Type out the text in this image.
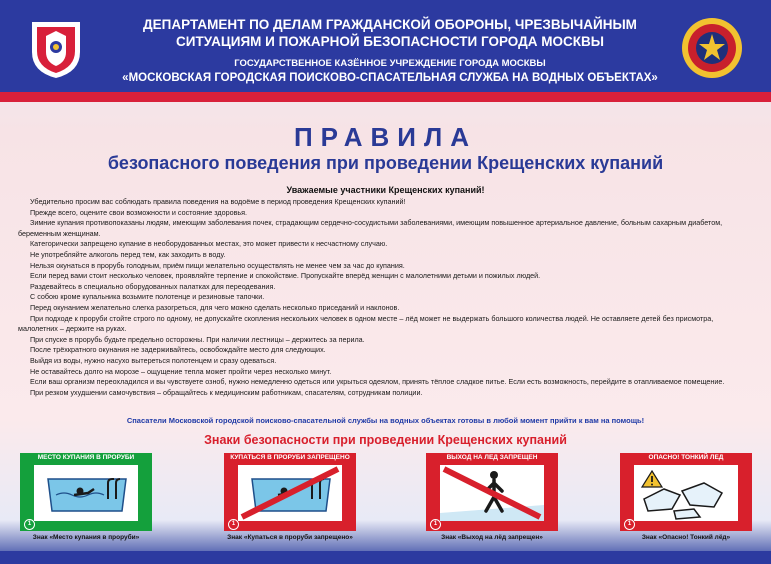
ДЕПАРТАМЕНТ ПО ДЕЛАМ ГРАЖДАНСКОЙ ОБОРОНЫ, ЧРЕЗВЫЧАЙНЫМ СИТУАЦИЯМ И ПОЖАРНОЙ БЕЗОПАСНОСТИ ГОРОДА МОСКВЫ
ГОСУДАРСТВЕННОЕ КАЗЁННОЕ УЧРЕЖДЕНИЕ ГОРОДА МОСКВЫ
«МОСКОВСКАЯ ГОРОДСКАЯ ПОИСКОВО-СПАСАТЕЛЬНАЯ СЛУЖБА НА ВОДНЫХ ОБЪЕКТАХ»
ПРАВИЛА
безопасного поведения при проведении Крещенских купаний
Уважаемые участники Крещенских купаний!

Убедительно просим вас соблюдать правила поведения на водоёме в период проведения Крещенских купаний!

Прежде всего, оцените свои возможности и состояние здоровья.

Зимние купания противопоказаны людям, имеющим заболевания почек, страдающим сердечно-сосудистыми заболеваниями, имеющим повышенное артериальное давление, больным сахарным диабетом, беременным женщинам.

Категорически запрещено купание в необорудованных местах, это может привести к несчастному случаю.

Не употребляйте алкоголь перед тем, как заходить в воду.

Нельзя окунаться в прорубь голодным, приём пищи желательно осуществлять не менее чем за час до купания.

Если перед вами стоит несколько человек, проявляйте терпение и спокойствие. Пропускайте вперёд женщин с малолетними детьми и пожилых людей.

Раздевайтесь в специально оборудованных палатках для переодевания.

С собою кроме купальника возьмите полотенце и резиновые тапочки.

Перед окунанием желательно слегка разогреться, для чего можно сделать несколько приседаний и наклонов.

При подходе к проруби стойте строго по одному, не допускайте скопления нескольких человек в одном месте – лёд может не выдержать большого количества людей. Не оставляете детей без присмотра, малолетних – держите на руках.

При спуске в прорубь будьте предельно осторожны. При наличии лестницы – держитесь за перила.

После трёхкратного окунания не задерживайтесь, освобождайте место для следующих.

Выйдя из воды, нужно насухо вытереться полотенцем и сразу одеваться.

Не оставайтесь долго на морозе – ощущение тепла может пройти через несколько минут.

Если ваш организм переохладился и вы чувствуете озноб, нужно немедленно одеться или укрыться одеялом, принять тёплое сладкое питье. Если есть возможность, перейдите в отапливаемое помещение.

При резком ухудшении самочувствия – обращайтесь к медицинским работникам, спасателям, сотрудникам полиции.

Спасатели Московской городской поисково-спасательной службы на водных объектах готовы в любой момент прийти к вам на помощь!
Знаки безопасности при проведении Крещенских купаний
МЕСТО КУПАНИЯ В ПРОРУБИ
1
Знак «Место купания в проруби»
КУПАТЬСЯ В ПРОРУБИ ЗАПРЕЩЕНО
1
Знак «Купаться в проруби запрещено»
ВЫХОД НА ЛЕД ЗАПРЕЩЕН
1
Знак «Выход на лёд запрещен»
ОПАСНО! ТОНКИЙ ЛЕД
1
Знак «Опасно! Тонкий лёд»
